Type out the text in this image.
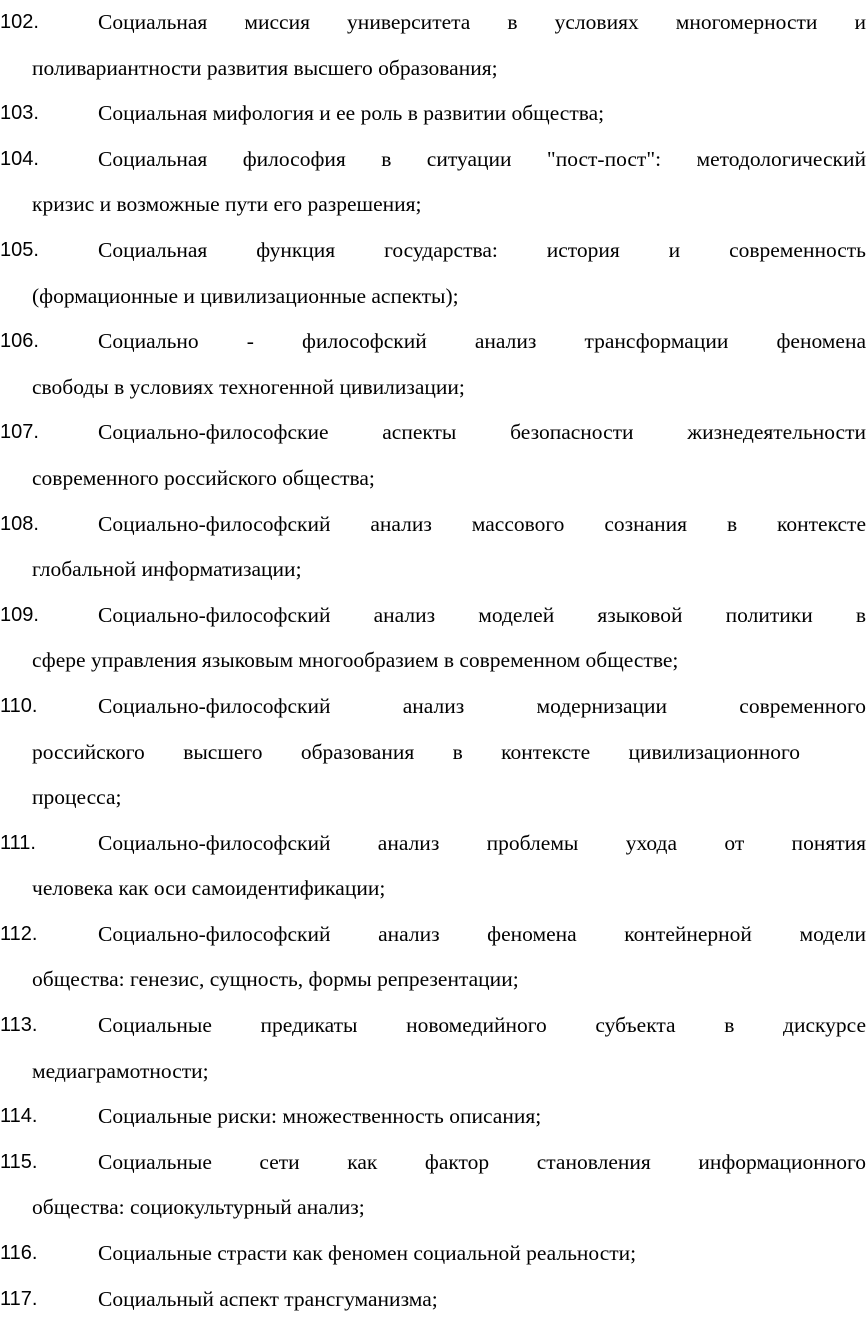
102.	Социальная миссия университета в условиях многомерности и
поливариантности развития высшего образования;
103.	Социальная мифология и ее роль в развитии общества;
104.	Социальная философия в ситуации "пост-пост": методологический
кризис и возможные пути его разрешения;
105.	Социальная функция государства: история и современность
(формационные и цивилизационные аспекты);
106.	Социально - философский анализ трансформации феномена
свободы в условиях техногенной цивилизации;
107.	Социально-философские аспекты безопасности жизнедеятельности
современного российского общества;
108.	Социально-философский анализ массового сознания в контексте
глобальной информатизации;
109.	Социально-философский анализ моделей языковой политики в
сфере управления языковым многообразием в современном обществе;
110.	Социально-философский анализ модернизации современного
российского высшего образования в контексте цивилизационного
процесса;
111.	Социально-философский анализ проблемы ухода от понятия
человека как оси самоидентификации;
112.	Социально-философский анализ феномена контейнерной модели
общества: генезис, сущность, формы репрезентации;
113.	Социальные предикаты новомедийного субъекта в дискурсе
медиаграмотности;
114.	Социальные риски: множественность описания;
115.	Социальные сети как фактор становления информационного
общества: социокультурный анализ;
116.	Социальные страсти как феномен социальной реальности;
117.	Социальный аспект трансгуманизма;
